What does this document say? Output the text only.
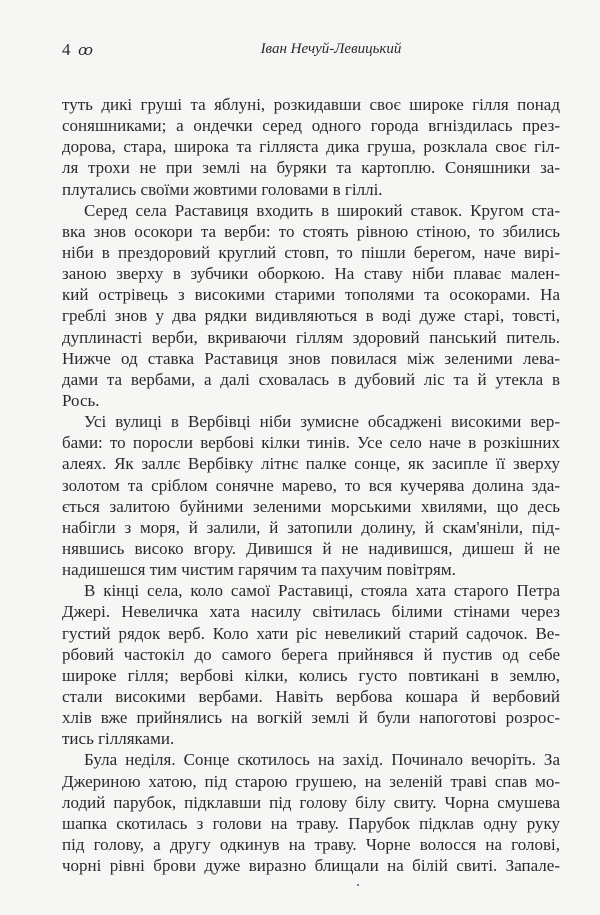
4 ꝏ	Іван Нечуй-Левицький
туть дикі груші та яблуні, розкидавши своє широке гілля понад
соняшниками; а ондечки серед одного города вгніздилась през-
дорова, стара, широка та гілляста дика груша, розклала своє гіл-
ля трохи не при землі на буряки та картоплю. Соняшники за-
плутались своїми жовтими головами в гіллі.
Серед села Раставиця входить в широкий ставок. Кругом ста-
вка знов осокори та верби: то стоять рівною стіною, то збились
ніби в прездоровий круглий стовп, то пішли берегом, наче вирі-
заною зверху в зубчики оборкою. На ставу ніби плаває мален-
кий острівець з високими старими тополями та осокорами. На
греблі знов у два рядки видивляються в воді дуже старі, товсті,
дуплинасті верби, вкриваючи гіллям здоровий панський питель.
Нижче од ставка Раставиця знов повилася між зеленими лева-
дами та вербами, а далі сховалась в дубовий ліс та й утекла в
Рось.
Усі вулиці в Вербівці ніби зумисне обсаджені високими вер-
бами: то поросли вербові кілки тинів. Усе село наче в розкішних
алеях. Як заллє Вербівку літнє палке сонце, як засипле її зверху
золотом та сріблом сонячне марево, то вся кучерява долина зда-
ється залитою буйними зеленими морськими хвилями, що десь
набігли з моря, й залили, й затопили долину, й скам'яніли, під-
нявшись високо вгору. Дивишся й не надивишся, дишеш й не
надишешся тим чистим гарячим та пахучим повітрям.
В кінці села, коло самої Раставиці, стояла хата старого Петра
Джері. Невеличка хата насилу світилась білими стінами через
густий рядок верб. Коло хати ріс невеликий старий садочок. Ве-
рбовий частокіл до самого берега прийнявся й пустив од себе
широке гілля; вербові кілки, колись густо повтикані в землю,
стали високими вербами. Навіть вербова кошара й вербовий
хлів вже прийнялись на вогкій землі й були напоготові розрос-
тись гілляками.
Була неділя. Сонце скотилось на захід. Починало вечоріть. За
Джериною хатою, під старою грушею, на зеленій траві спав мо-
лодий парубок, підклавши під голову білу свиту. Чорна смушева
шапка скотилась з голови на траву. Парубок підклав одну руку
під голову, а другу одкинув на траву. Чорне волосся на голові,
чорні рівні брови дуже виразно блищали на білій свиті. Запале-
